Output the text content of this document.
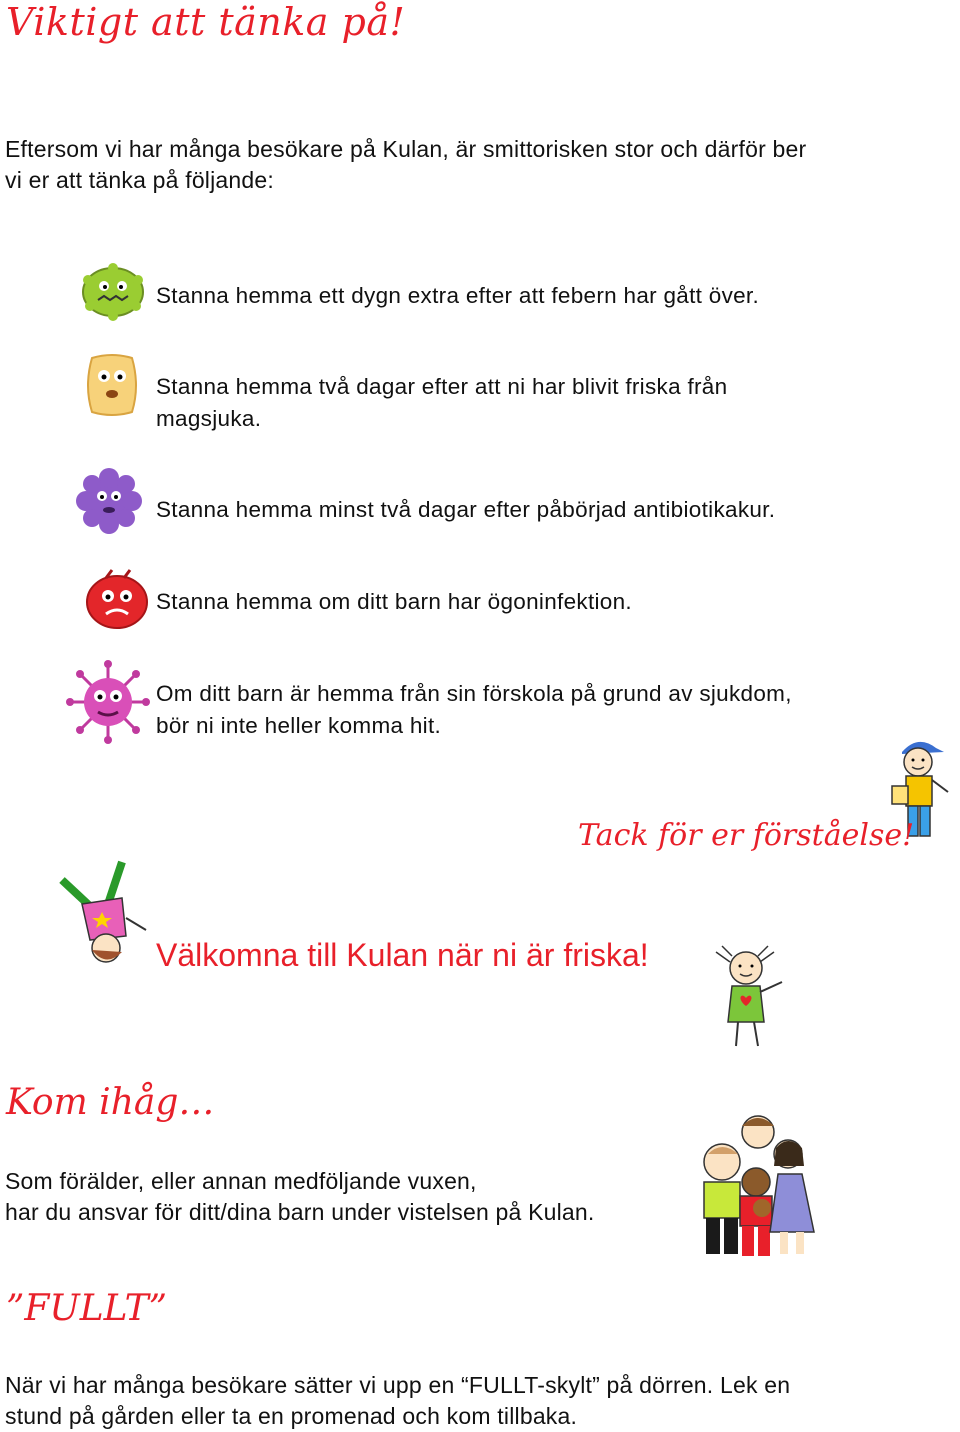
Viktigt att tänka på!
Eftersom vi har många besökare på Kulan, är smittorisken stor och därför ber
vi er att tänka på följande:
Stanna hemma ett dygn extra efter att febern har gått över.
Stanna hemma två dagar efter att ni har blivit friska från
magsjuka.
Stanna hemma minst två dagar efter påbörjad antibiotikakur.
Stanna hemma om ditt barn har ögoninfektion.
Om ditt barn är hemma från sin förskola på grund av sjukdom,
bör ni inte heller komma hit.
Tack för er förståelse!
Välkomna till Kulan när ni är friska!
Kom ihåg…
Som förälder, eller annan medföljande vuxen,
har du ansvar för ditt/dina barn under vistelsen på Kulan.
”FULLT”
När vi har många besökare sätter vi upp en “FULLT-skylt” på dörren. Lek en
stund på gården eller ta en promenad och kom tillbaka.
